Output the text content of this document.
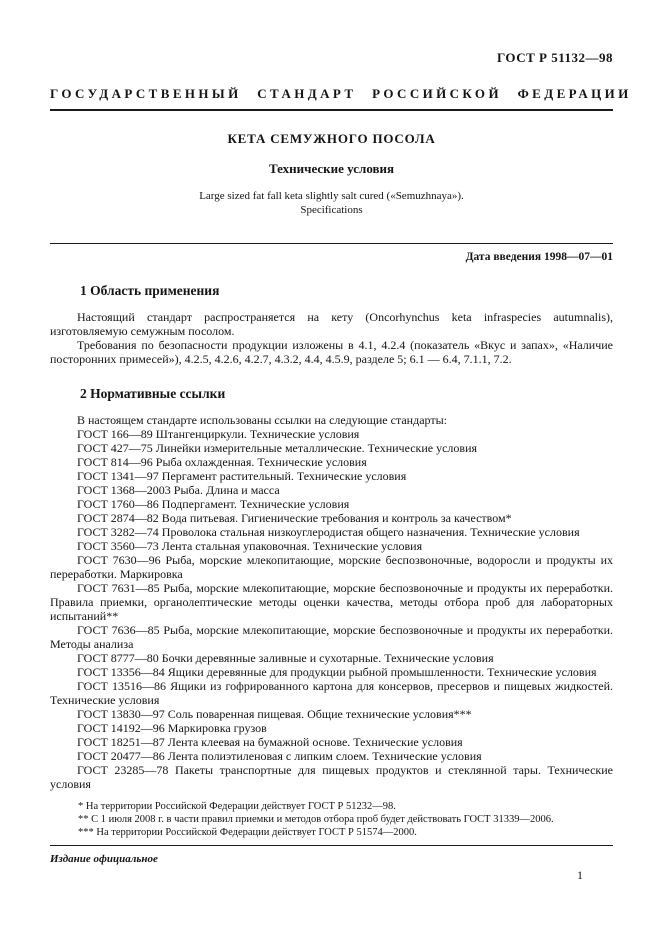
ГОСТ Р 51132—98
ГОСУДАРСТВЕННЫЙ СТАНДАРТ РОССИЙСКОЙ ФЕДЕРАЦИИ
КЕТА СЕМУЖНОГО ПОСОЛА
Технические условия
Large sized fat fall keta slightly salt cured («Semuzhnaya»).
Specifications
Дата введения 1998—07—01
1 Область применения

Настоящий стандарт распространяется на кету (Oncorhynchus keta infraspecies autumnalis), изготовляемую семужным посолом.

Требования по безопасности продукции изложены в 4.1, 4.2.4 (показатель «Вкус и запах», «Наличие посторонних примесей»), 4.2.5, 4.2.6, 4.2.7, 4.3.2, 4.4, 4.5.9, разделе 5; 6.1 — 6.4, 7.1.1, 7.2.

2 Нормативные ссылки

В настоящем стандарте использованы ссылки на следующие стандарты:

ГОСТ 166—89 Штангенциркули. Технические условия

ГОСТ 427—75 Линейки измерительные металлические. Технические условия

ГОСТ 814—96 Рыба охлажденная. Технические условия

ГОСТ 1341—97 Пергамент растительный. Технические условия

ГОСТ 1368—2003 Рыба. Длина и масса

ГОСТ 1760—86 Подпергамент. Технические условия

ГОСТ 2874—82 Вода питьевая. Гигиенические требования и контроль за качеством*

ГОСТ 3282—74 Проволока стальная низкоуглеродистая общего назначения. Технические условия

ГОСТ 3560—73 Лента стальная упаковочная. Технические условия

ГОСТ 7630—96 Рыба, морские млекопитающие, морские беспозвоночные, водоросли и продукты их переработки. Маркировка

ГОСТ 7631—85 Рыба, морские млекопитающие, морские беспозвоночные и продукты их переработки. Правила приемки, органолептические методы оценки качества, методы отбора проб для лабораторных испытаний**

ГОСТ 7636—85 Рыба, морские млекопитающие, морские беспозвоночные и продукты их переработки. Методы анализа

ГОСТ 8777—80 Бочки деревянные заливные и сухотарные. Технические условия

ГОСТ 13356—84 Ящики деревянные для продукции рыбной промышленности. Технические условия

ГОСТ 13516—86 Ящики из гофрированного картона для консервов, пресервов и пищевых жидкостей. Технические условия

ГОСТ 13830—97 Соль поваренная пищевая. Общие технические условия***

ГОСТ 14192—96 Маркировка грузов

ГОСТ 18251—87 Лента клеевая на бумажной основе. Технические условия

ГОСТ 20477—86 Лента полиэтиленовая с липким слоем. Технические условия

ГОСТ 23285—78 Пакеты транспортные для пищевых продуктов и стеклянной тары. Технические условия

* На территории Российской Федерации действует ГОСТ Р 51232—98.

** С 1 июля 2008 г. в части правил приемки и методов отбора проб будет действовать ГОСТ 31339—2006.

*** На территории Российской Федерации действует ГОСТ Р 51574—2000.

Издание официальное
1
